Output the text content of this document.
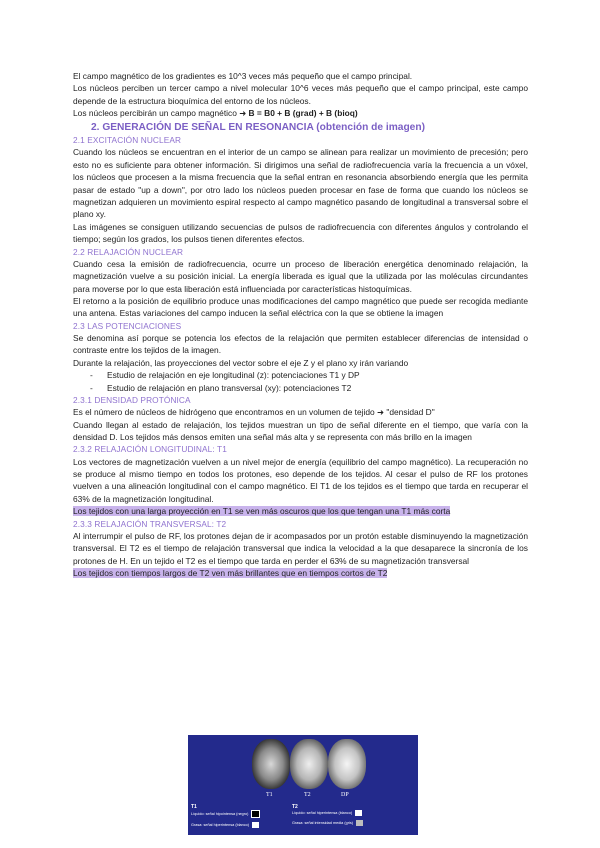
El campo magnético de los gradientes es 10^3 veces más pequeño que el campo principal.

Los núcleos perciben un tercer campo a nivel molecular 10^6 veces más pequeño que el campo principal, este campo depende de la estructura bioquímica del entorno de los núcleos.

Los núcleos percibirán un campo magnético ➜ B = B0 + B (grad) + B (bioq)

2. GENERACIÓN DE SEÑAL EN RESONANCIA (obtención de imagen)
2.1 EXCITACIÓN NUCLEAR

Cuando los núcleos se encuentran en el interior de un campo se alinean para realizar un movimiento de precesión; pero esto no es suficiente para obtener información. Si dirigimos una señal de radiofrecuencia varía la frecuencia a un vóxel, los núcleos que procesen a la misma frecuencia que la señal entran en resonancia absorbiendo energía que les permita pasar de estado "up a down", por otro lado los núcleos pueden procesar en fase de forma que cuando los núcleos se magnetizan adquieren un movimiento espiral respecto al campo magnético pasando de longitudinal a transversal sobre el plano xy.

Las imágenes se consiguen utilizando secuencias de pulsos de radiofrecuencia con diferentes ángulos y controlando el tiempo; según los grados, los pulsos tienen diferentes efectos.

2.2 RELAJACIÓN NUCLEAR

Cuando cesa la emisión de radiofrecuencia, ocurre un proceso de liberación energética denominado relajación, la magnetización vuelve a su posición inicial. La energía liberada es igual que la utilizada por las moléculas circundantes para moverse por lo que esta liberación está influenciada por características histoquímicas.

El retorno a la posición de equilibrio produce unas modificaciones del campo magnético que puede ser recogida mediante una antena. Estas variaciones del campo inducen la señal eléctrica con la que se obtiene la imagen

2.3 LAS POTENCIACIONES

Se denomina así porque se potencia los efectos de la relajación que permiten establecer diferencias de intensidad o contraste entre los tejidos de la imagen.

Durante la relajación, las proyecciones del vector sobre el eje Z y el plano xy irán variando

- Estudio de relajación en eje longitudinal (z): potenciaciones T1 y DP
- Estudio de relajación en plano transversal (xy): potenciaciones T2
2.3.1 DENSIDAD PROTÓNICA

Es el número de núcleos de hidrógeno que encontramos en un volumen de tejido ➜ "densidad D"

Cuando llegan al estado de relajación, los tejidos muestran un tipo de señal diferente en el tiempo, que varía con la densidad D. Los tejidos más densos emiten una señal más alta y se representa con más brillo en la imagen

2.3.2 RELAJACIÓN LONGITUDINAL: T1

Los vectores de magnetización vuelven a un nivel mejor de energía (equilibrio del campo magnético). La recuperación no se produce al mismo tiempo en todos los protones, eso depende de los tejidos. Al cesar el pulso de RF los protones vuelven a una alineación longitudinal con el campo magnético. El T1 de los tejidos es el tiempo que tarda en recuperar el 63% de la magnetización longitudinal.

Los tejidos con una larga proyección en T1 se ven más oscuros que los que tengan una T1 más corta
2.3.3 RELAJACIÓN TRANSVERSAL: T2

Al interrumpir el pulso de RF, los protones dejan de ir acompasados por un protón estable disminuyendo la magnetización transversal. El T2 es el tiempo de relajación transversal que indica la velocidad a la que desaparece la sincronía de los protones de H. En un tejido el T2 es el tiempo que tarda en perder el 63% de su magnetización transversal

Los tejidos con tiempos largos de T2 ven más brillantes que en tiempos cortos de T2
T1	T2	DP
T1
Líquido: señal hipointensa (negro)
Grasa: señal hiperintensa (blanco)
T2
Líquido: señal hiperintensa (blanco)
Grasa: señal intensidad media (gris)
